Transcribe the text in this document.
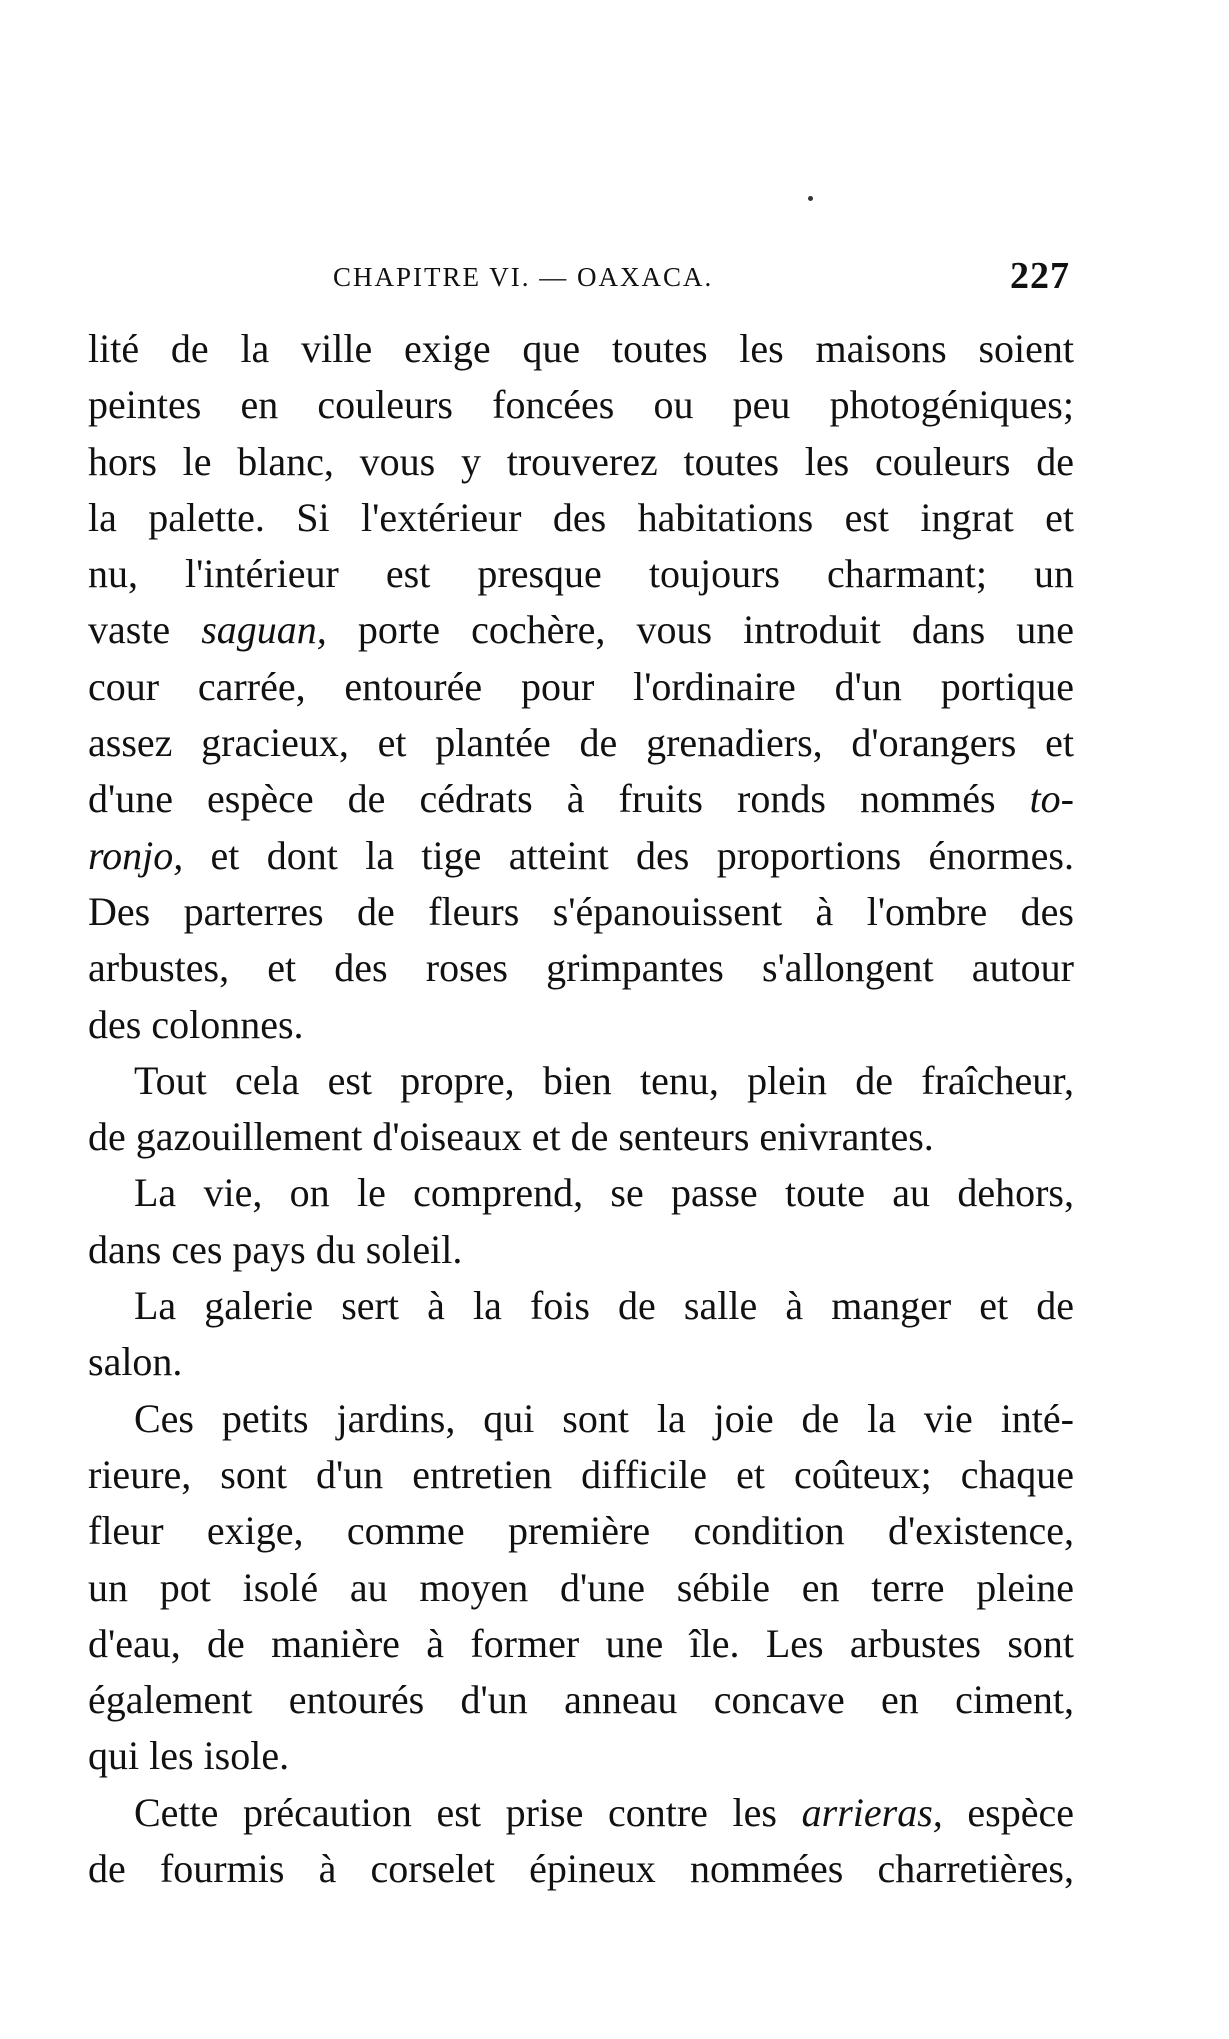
CHAPITRE VI. — OAXACA.	227
lité de la ville exige que toutes les maisons soient
peintes en couleurs foncées ou peu photogéniques;
hors le blanc, vous y trouverez toutes les couleurs de
la palette. Si l'extérieur des habitations est ingrat et
nu, l'intérieur est presque toujours charmant; un
vaste saguan, porte cochère, vous introduit dans une
cour carrée, entourée pour l'ordinaire d'un portique
assez gracieux, et plantée de grenadiers, d'orangers et
d'une espèce de cédrats à fruits ronds nommés to-
ronjo, et dont la tige atteint des proportions énormes.
Des parterres de fleurs s'épanouissent à l'ombre des
arbustes, et des roses grimpantes s'allongent autour
des colonnes.
Tout cela est propre, bien tenu, plein de fraîcheur,
de gazouillement d'oiseaux et de senteurs enivrantes.
La vie, on le comprend, se passe toute au dehors,
dans ces pays du soleil.
La galerie sert à la fois de salle à manger et de
salon.
Ces petits jardins, qui sont la joie de la vie inté-
rieure, sont d'un entretien difficile et coûteux; chaque
fleur exige, comme première condition d'existence,
un pot isolé au moyen d'une sébile en terre pleine
d'eau, de manière à former une île. Les arbustes sont
également entourés d'un anneau concave en ciment,
qui les isole.
Cette précaution est prise contre les arrieras, espèce
de fourmis à corselet épineux nommées charretières,
